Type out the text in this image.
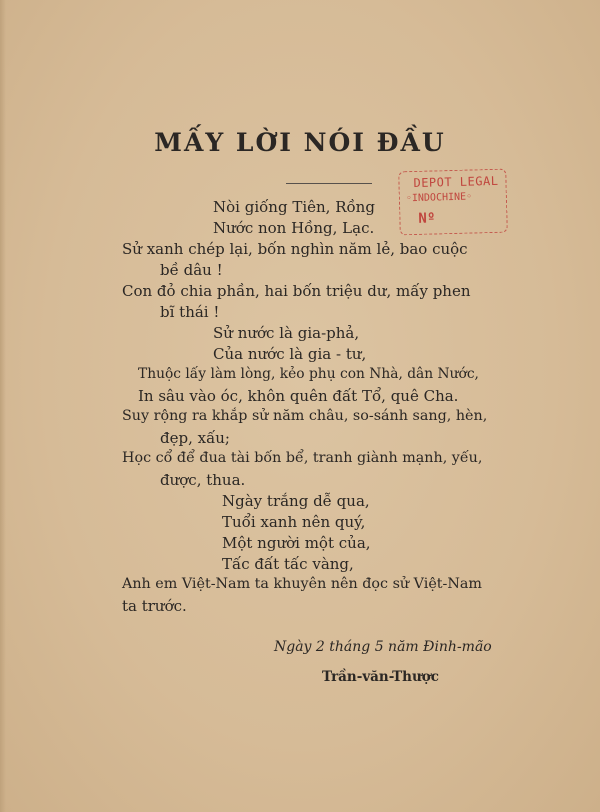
MẤY LỜI NÓI ĐẦU
DEPOT LEGAL
◦INDOCHINE◦
Nº
Nòi giống Tiên, Rồng
Nước non Hồng, Lạc.
Sử xanh chép lại, bốn nghìn năm lẻ, bao cuộc
bề dâu !
Con đỏ chia phần, hai bốn triệu dư, mấy phen
bĩ thái !
Sử nước là gia-phả,
Của nước là gia - tư,
Thuộc lấy làm lòng, kẻo phụ con Nhà, dân Nước,
In sâu vào óc, khôn quên đất Tổ, quê Cha.
Suy rộng ra khắp sử năm châu, so-sánh sang, hèn,
đẹp, xấu;
Học cổ để đua tài bốn bể, tranh giành mạnh, yếu,
được, thua.
Ngày trắng dễ qua,
Tuổi xanh nên quý,
Một người một của,
Tấc đất tấc vàng,
Anh em Việt-Nam ta khuyên nên đọc sử Việt-Nam
ta trước.
Ngày 2 tháng 5 năm Đinh-mão
Trần-văn-Thược
